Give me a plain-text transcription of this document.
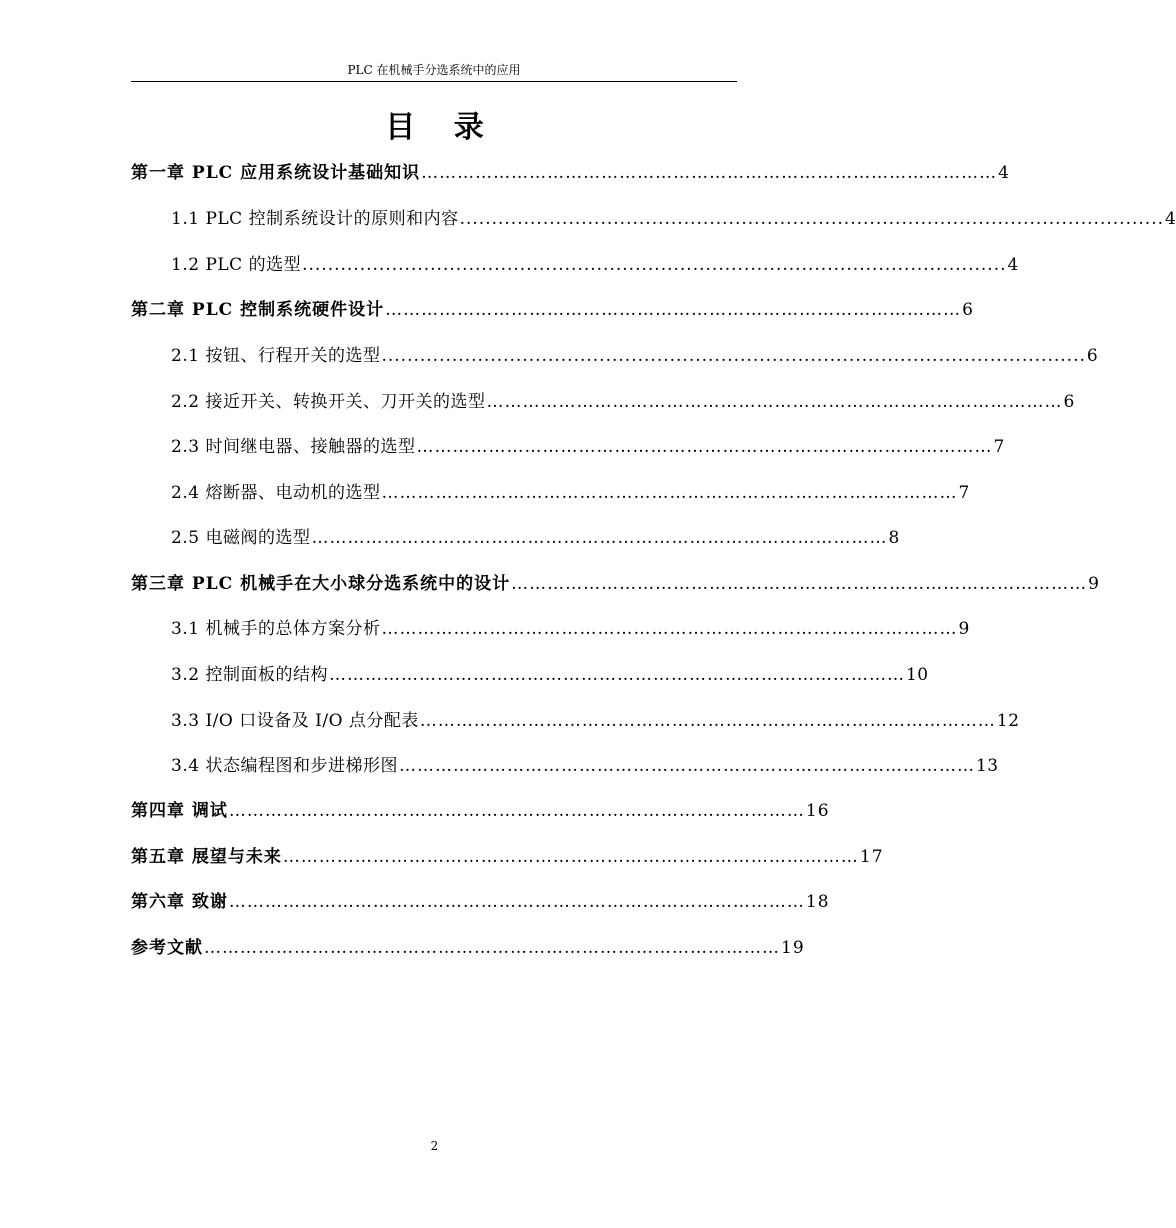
PLC 在机械手分选系统中的应用
目 录
第一章 PLC 应用系统设计基础知识 …………………………………………………………………………………… 4
1.1 PLC 控制系统设计的原则和内容 .............................................................................................................. 4
1.2 PLC 的选型 .............................................................................................................. 4
第二章 PLC 控制系统硬件设计 …………………………………………………………………………………… 6
2.1 按钮、行程开关的选型 .............................................................................................................. 6
2.2 接近开关、转换开关、刀开关的选型 …………………………………………………………………………………… 6
2.3 时间继电器、接触器的选型 …………………………………………………………………………………… 7
2.4 熔断器、电动机的选型 …………………………………………………………………………………… 7
2.5 电磁阀的选型 …………………………………………………………………………………… 8
第三章 PLC 机械手在大小球分选系统中的设计 …………………………………………………………………………………… 9
3.1 机械手的总体方案分析 …………………………………………………………………………………… 9
3.2 控制面板的结构 …………………………………………………………………………………… 10
3.3 I/O 口设备及 I/O 点分配表 …………………………………………………………………………………… 12
3.4 状态编程图和步进梯形图 …………………………………………………………………………………… 13
第四章 调试 …………………………………………………………………………………… 16
第五章 展望与未来 …………………………………………………………………………………… 17
第六章 致谢 …………………………………………………………………………………… 18
参考文献 …………………………………………………………………………………… 19
2
